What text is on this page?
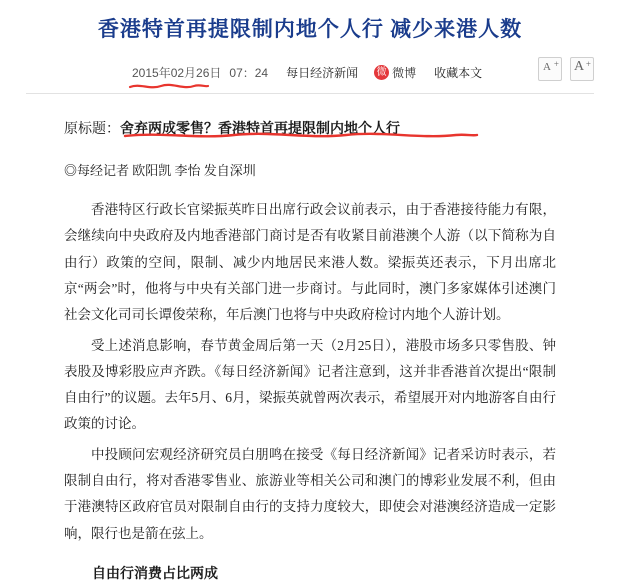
香港特首再提限制内地个人行 减少来港人数
2015年02月26日 07：24 每日经济新闻 微 微博 收藏本文	A + A +
原标题：舍弃两成零售？香港特首再提限制内地个人行
◎每经记者 欧阳凯 李怡 发自深圳

香港特区行政长官梁振英昨日出席行政会议前表示，由于香港接待能力有限，会继续向中央政府及内地香港部门商讨是否有收紧目前港澳个人游（以下简称为自由行）政策的空间，限制、减少内地居民来港人数。梁振英还表示，下月出席北京“两会”时，他将与中央有关部门进一步商讨。与此同时，澳门多家媒体引述澳门社会文化司司长谭俊荣称，年后澳门也将与中央政府检讨内地个人游计划。

受上述消息影响，春节黄金周后第一天（2月25日），港股市场多只零售股、钟表股及博彩股应声齐跌。《每日经济新闻》记者注意到，这并非香港首次提出“限制自由行”的议题。去年5月、6月，梁振英就曾两次表示，希望展开对内地游客自由行政策的讨论。

中投顾问宏观经济研究员白朋鸣在接受《每日经济新闻》记者采访时表示，若限制自由行，将对香港零售业、旅游业等相关公司和澳门的博彩业发展不利，但由于港澳特区政府官员对限制自由行的支持力度较大，即使会对港澳经济造成一定影响，限行也是箭在弦上。

自由行消费占比两成
